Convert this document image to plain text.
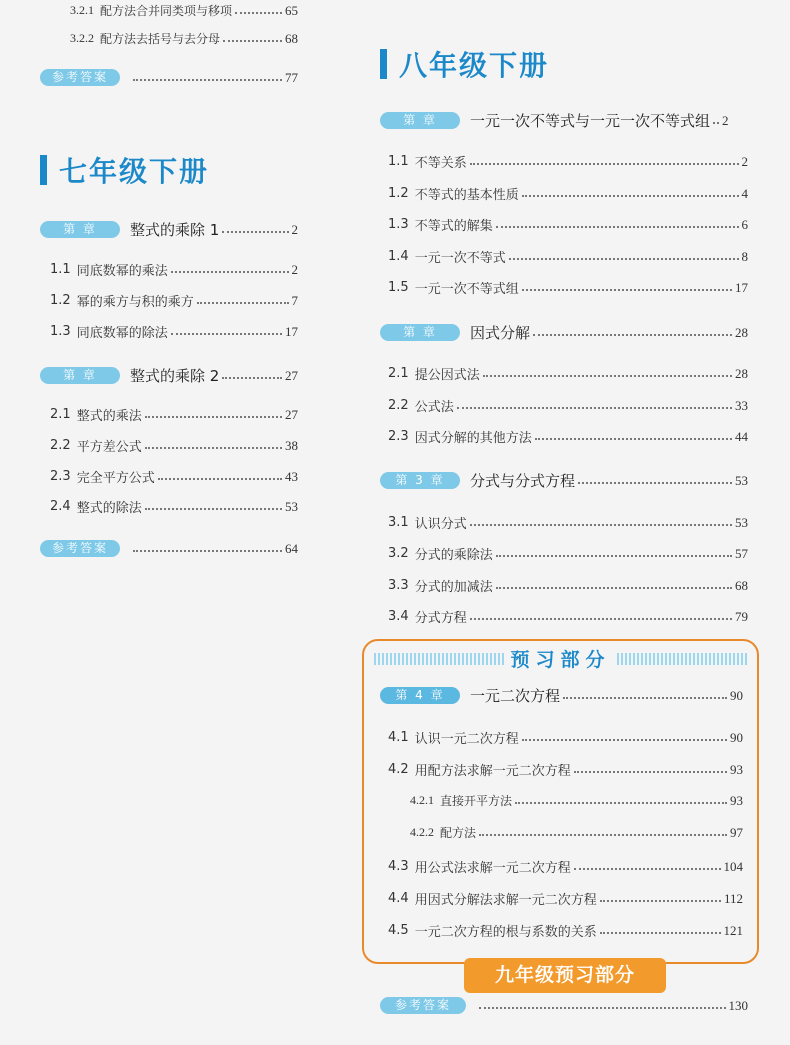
3.2.1 配方法合并同类项与移项	65
3.2.2 配方法去括号与去分母	68
参考答案	77
七年级下册
第 章	整式的乘除 1	2
1.1 同底数幂的乘法	2
1.2 幂的乘方与积的乘方	7
1.3 同底数幂的除法	17
第 章	整式的乘除 2	27
2.1 整式的乘法	27
2.2 平方差公式	38
2.3 完全平方公式	43
2.4 整式的除法	53
参考答案	64
八年级下册
第 章	一元一次不等式与一元一次不等式组 2
1.1 不等关系	2
1.2 不等式的基本性质	4
1.3 不等式的解集	6
1.4 一元一次不等式	8
1.5 一元一次不等式组	17
第 章	因式分解	28
2.1 提公因式法	28
2.2 公式法	33
2.3 因式分解的其他方法	44
第 3 章	分式与分式方程	53
3.1 认识分式	53
3.2 分式的乘除法	57
3.3 分式的加减法	68
3.4 分式方程	79
预习部分
第 4 章	一元二次方程	90
4.1 认识一元二次方程	90
4.2 用配方法求解一元二次方程	93
4.2.1 直接开平方法	93
4.2.2 配方法	97
4.3 用公式法求解一元二次方程	104
4.4 用因式分解法求解一元二次方程	112
4.5 一元二次方程的根与系数的关系	121
九年级预习部分
参考答案	130
